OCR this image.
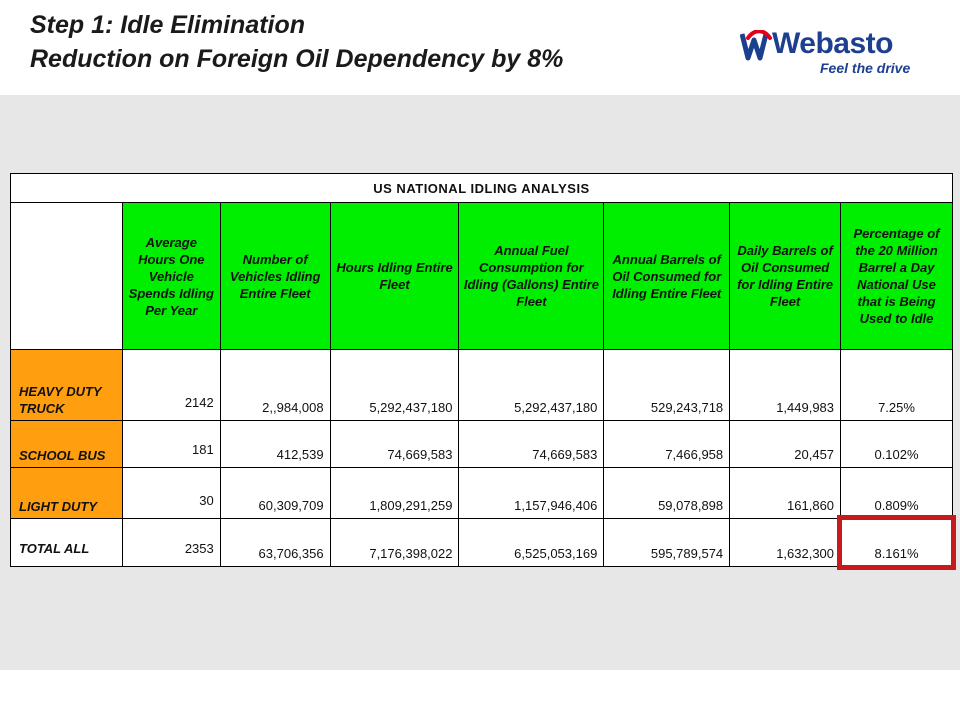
Step 1: Idle Elimination
Reduction on Foreign Oil Dependency by 8%	Webasto
Feel the drive
US NATIONAL IDLING ANALYSIS							
	Average Hours One Vehicle Spends Idling Per Year	Number of Vehicles Idling Entire Fleet	Hours Idling Entire Fleet	Annual Fuel Consumption for Idling (Gallons) Entire Fleet	Annual Barrels of Oil Consumed for Idling Entire Fleet	Daily Barrels of Oil Consumed for Idling Entire Fleet	Percentage of the 20 Million Barrel a Day National Use that is Being Used to Idle
HEAVY DUTY TRUCK	2142	2,,984,008	5,292,437,180	5,292,437,180	529,243,718	1,449,983	7.25%
SCHOOL BUS	181	412,539	74,669,583	74,669,583	7,466,958	20,457	0.102%
LIGHT DUTY	30	60,309,709	1,809,291,259	1,157,946,406	59,078,898	161,860	0.809%
TOTAL ALL	2353	63,706,356	7,176,398,022	6,525,053,169	595,789,574	1,632,300	8.161%
